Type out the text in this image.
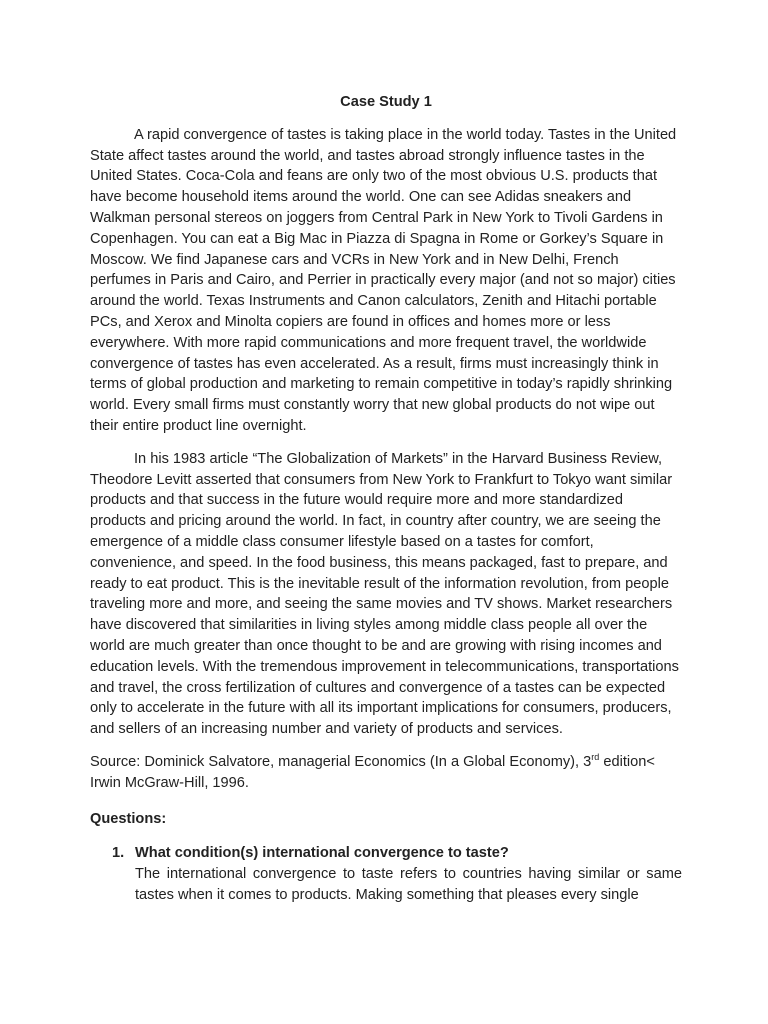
Case Study 1

A rapid convergence of tastes is taking place in the world today. Tastes in the United State affect tastes around the world, and tastes abroad strongly influence tastes in the United States. Coca-Cola and feans are only two of the most obvious U.S. products that have become household items around the world. One can see Adidas sneakers and Walkman personal stereos on joggers from Central Park in New York to Tivoli Gardens in Copenhagen. You can eat a Big Mac in Piazza di Spagna in Rome or Gorkey’s Square in Moscow. We find Japanese cars and VCRs in New York and in New Delhi, French perfumes in Paris and Cairo, and Perrier in practically every major (and not so major) cities around the world. Texas Instruments and Canon calculators, Zenith and Hitachi portable PCs, and Xerox and Minolta copiers are found in offices and homes more or less everywhere. With more rapid communications and more frequent travel, the worldwide convergence of tastes has even accelerated. As a result, firms must increasingly think in terms of global production and marketing to remain competitive in today’s rapidly shrinking world. Every small firms must constantly worry that new global products do not wipe out their entire product line overnight.

In his 1983 article “The Globalization of Markets” in the Harvard Business Review, Theodore Levitt asserted that consumers from New York to Frankfurt to Tokyo want similar products and that success in the future would require more and more standardized products and pricing around the world. In fact, in country after country, we are seeing the emergence of a middle class consumer lifestyle based on a tastes for comfort, convenience, and speed. In the food business, this means packaged, fast to prepare, and ready to eat product. This is the inevitable result of the information revolution, from people traveling more and more, and seeing the same movies and TV shows. Market researchers have discovered that similarities in living styles among middle class people all over the world are much greater than once thought to be and are growing with rising incomes and education levels. With the tremendous improvement in telecommunications, transportations and travel, the cross fertilization of cultures and convergence of a tastes can be expected only to accelerate in the future with all its important implications for consumers, producers, and sellers of an increasing number and variety of products and services.

Source: Dominick Salvatore, managerial Economics (In a Global Economy), 3rd edition< Irwin McGraw-Hill, 1996.

Questions:
1. What condition(s) international convergence to taste?
The international convergence to taste refers to countries having similar or same tastes when it comes to products. Making something that pleases every single
